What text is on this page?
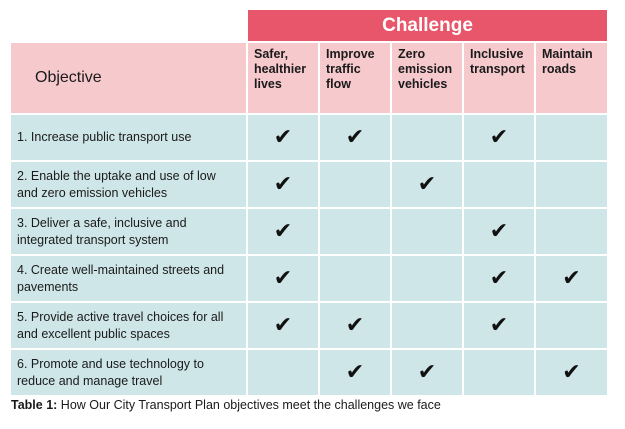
	Challenge				
Objective	Safer, healthier lives	Improve traffic flow	Zero emission vehicles	Inclusive transport	Maintain roads
1. Increase public transport use	✔	✔		✔	
2. Enable the uptake and use of low and zero emission vehicles	✔		✔		
3. Deliver a safe, inclusive and integrated transport system	✔			✔	
4. Create well-maintained streets and pavements	✔			✔	✔
5. Provide active travel choices for all and excellent public spaces	✔	✔		✔	
6. Promote and use technology to reduce and manage travel		✔	✔		✔
Table 1: How Our City Transport Plan objectives meet the challenges we face
